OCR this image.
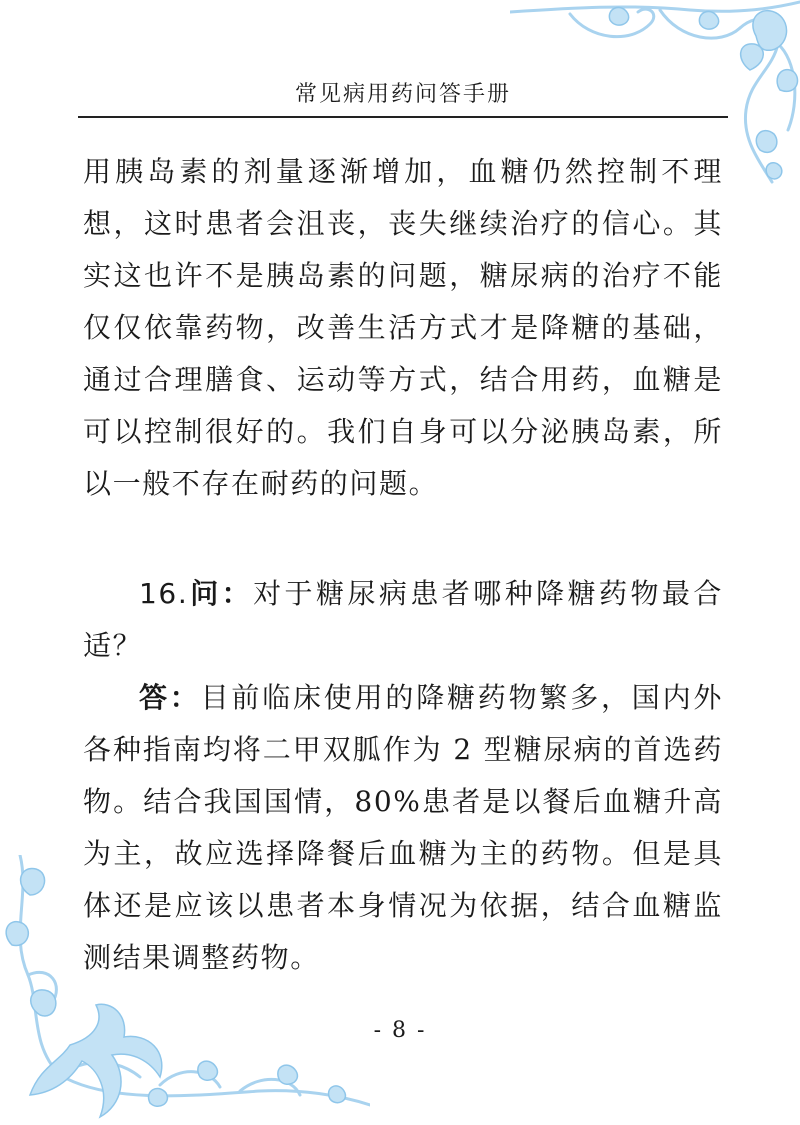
常见病用药问答手册

用胰岛素的剂量逐渐增加，血糖仍然控制不理想，这时患者会沮丧，丧失继续治疗的信心。其实这也许不是胰岛素的问题，糖尿病的治疗不能仅仅依靠药物，改善生活方式才是降糖的基础，通过合理膳食、运动等方式，结合用药，血糖是可以控制很好的。我们自身可以分泌胰岛素，所以一般不存在耐药的问题。

16.问：对于糖尿病患者哪种降糖药物最合适？

答：目前临床使用的降糖药物繁多，国内外各种指南均将二甲双胍作为 2 型糖尿病的首选药物。结合我国国情，80%患者是以餐后血糖升高为主，故应选择降餐后血糖为主的药物。但是具体还是应该以患者本身情况为依据，结合血糖监测结果调整药物。

- 8 -
